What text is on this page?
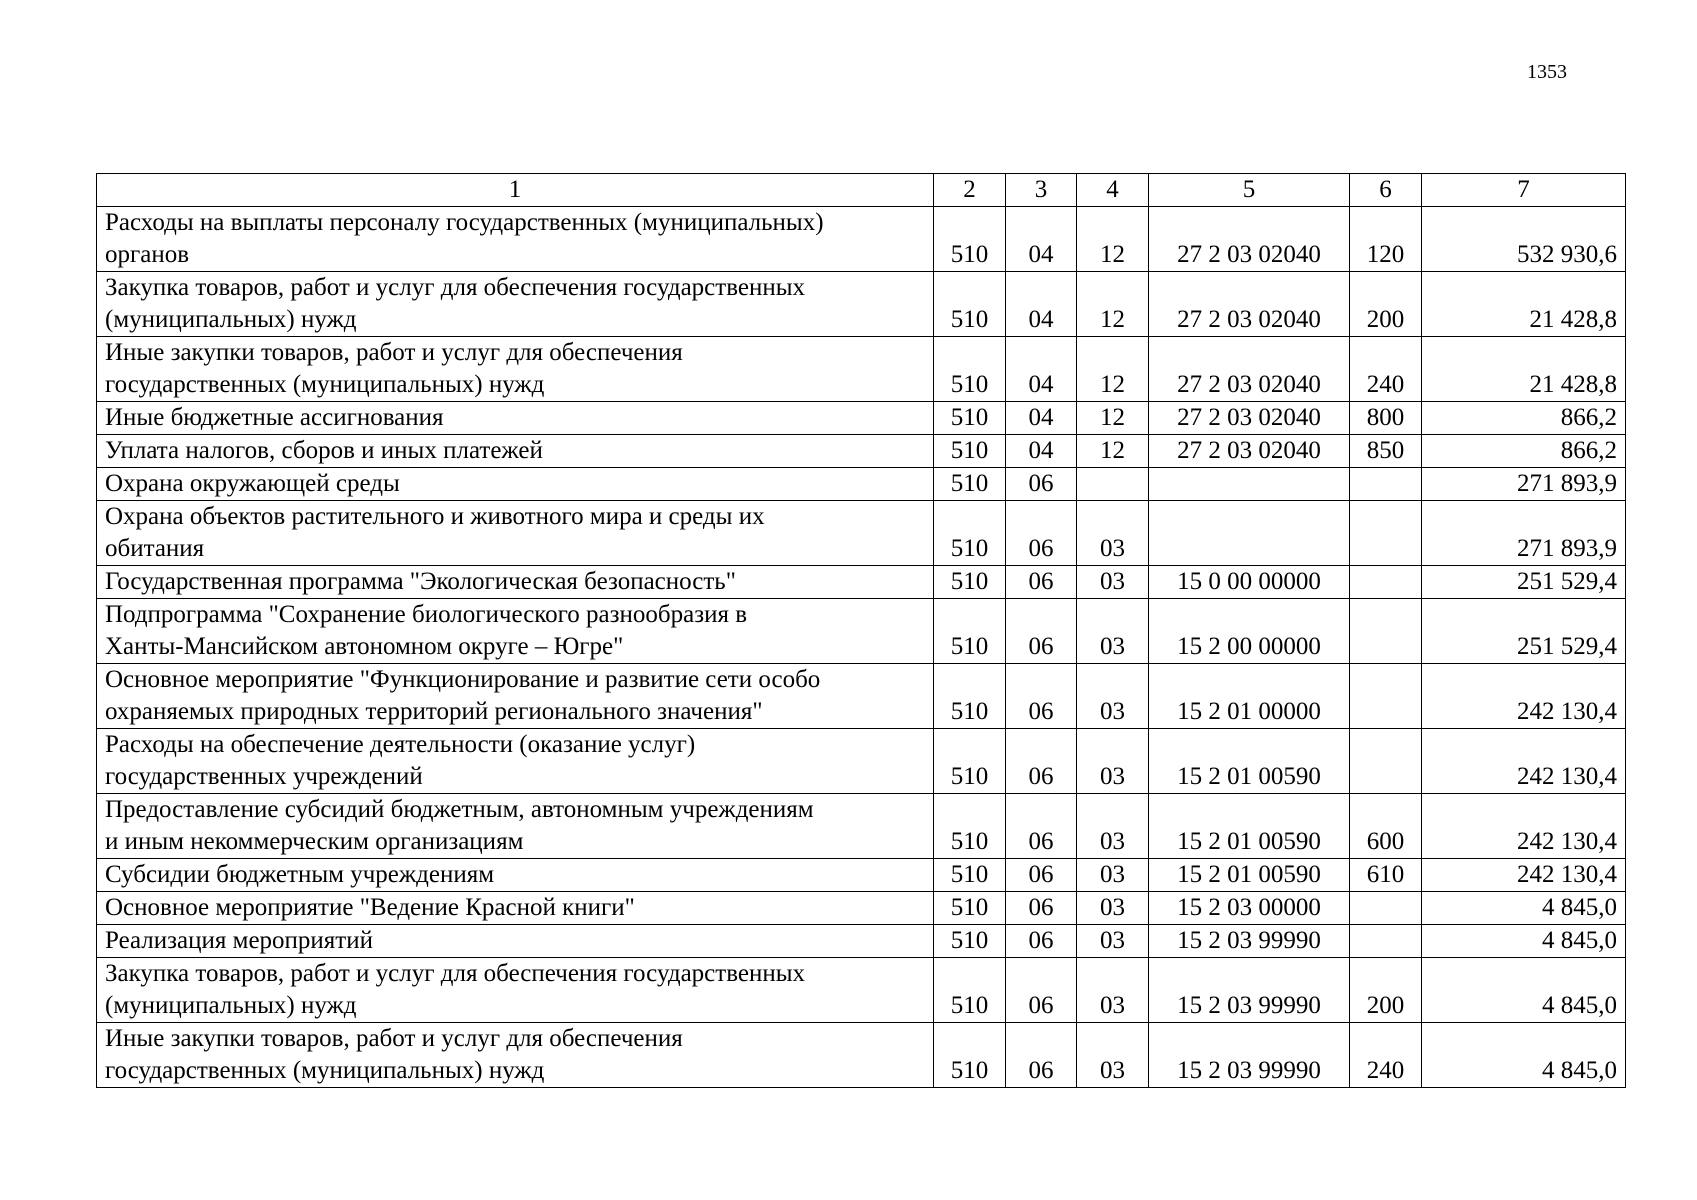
1353
1	2	3	4	5	6	7

Расходы на выплаты персоналу государственных (муниципальных)
органов	510	04	12	27 2 03 02040	120	532 930,6

Закупка товаров, работ и услуг для обеспечения государственных
(муниципальных) нужд	510	04	12	27 2 03 02040	200	21 428,8

Иные закупки товаров, работ и услуг для обеспечения
государственных (муниципальных) нужд	510	04	12	27 2 03 02040	240	21 428,8

Иные бюджетные ассигнования	510	04	12	27 2 03 02040	800	866,2

Уплата налогов, сборов и иных платежей	510	04	12	27 2 03 02040	850	866,2

Охрана окружающей среды	510	06				271 893,9

Охрана объектов растительного и животного мира и среды их
обитания	510	06	03			271 893,9

Государственная программа "Экологическая безопасность"	510	06	03	15 0 00 00000		251 529,4

Подпрограмма "Сохранение биологического разнообразия в
Ханты-Мансийском автономном округе – Югре"	510	06	03	15 2 00 00000		251 529,4

Основное мероприятие "Функционирование и развитие сети особо
охраняемых природных территорий регионального значения"	510	06	03	15 2 01 00000		242 130,4

Расходы на обеспечение деятельности (оказание услуг)
государственных учреждений	510	06	03	15 2 01 00590		242 130,4

Предоставление субсидий бюджетным, автономным учреждениям
и иным некоммерческим организациям	510	06	03	15 2 01 00590	600	242 130,4

Субсидии бюджетным учреждениям	510	06	03	15 2 01 00590	610	242 130,4

Основное мероприятие "Ведение Красной книги"	510	06	03	15 2 03 00000		4 845,0

Реализация мероприятий	510	06	03	15 2 03 99990		4 845,0

Закупка товаров, работ и услуг для обеспечения государственных
(муниципальных) нужд	510	06	03	15 2 03 99990	200	4 845,0

Иные закупки товаров, работ и услуг для обеспечения
государственных (муниципальных) нужд	510	06	03	15 2 03 99990	240	4 845,0
